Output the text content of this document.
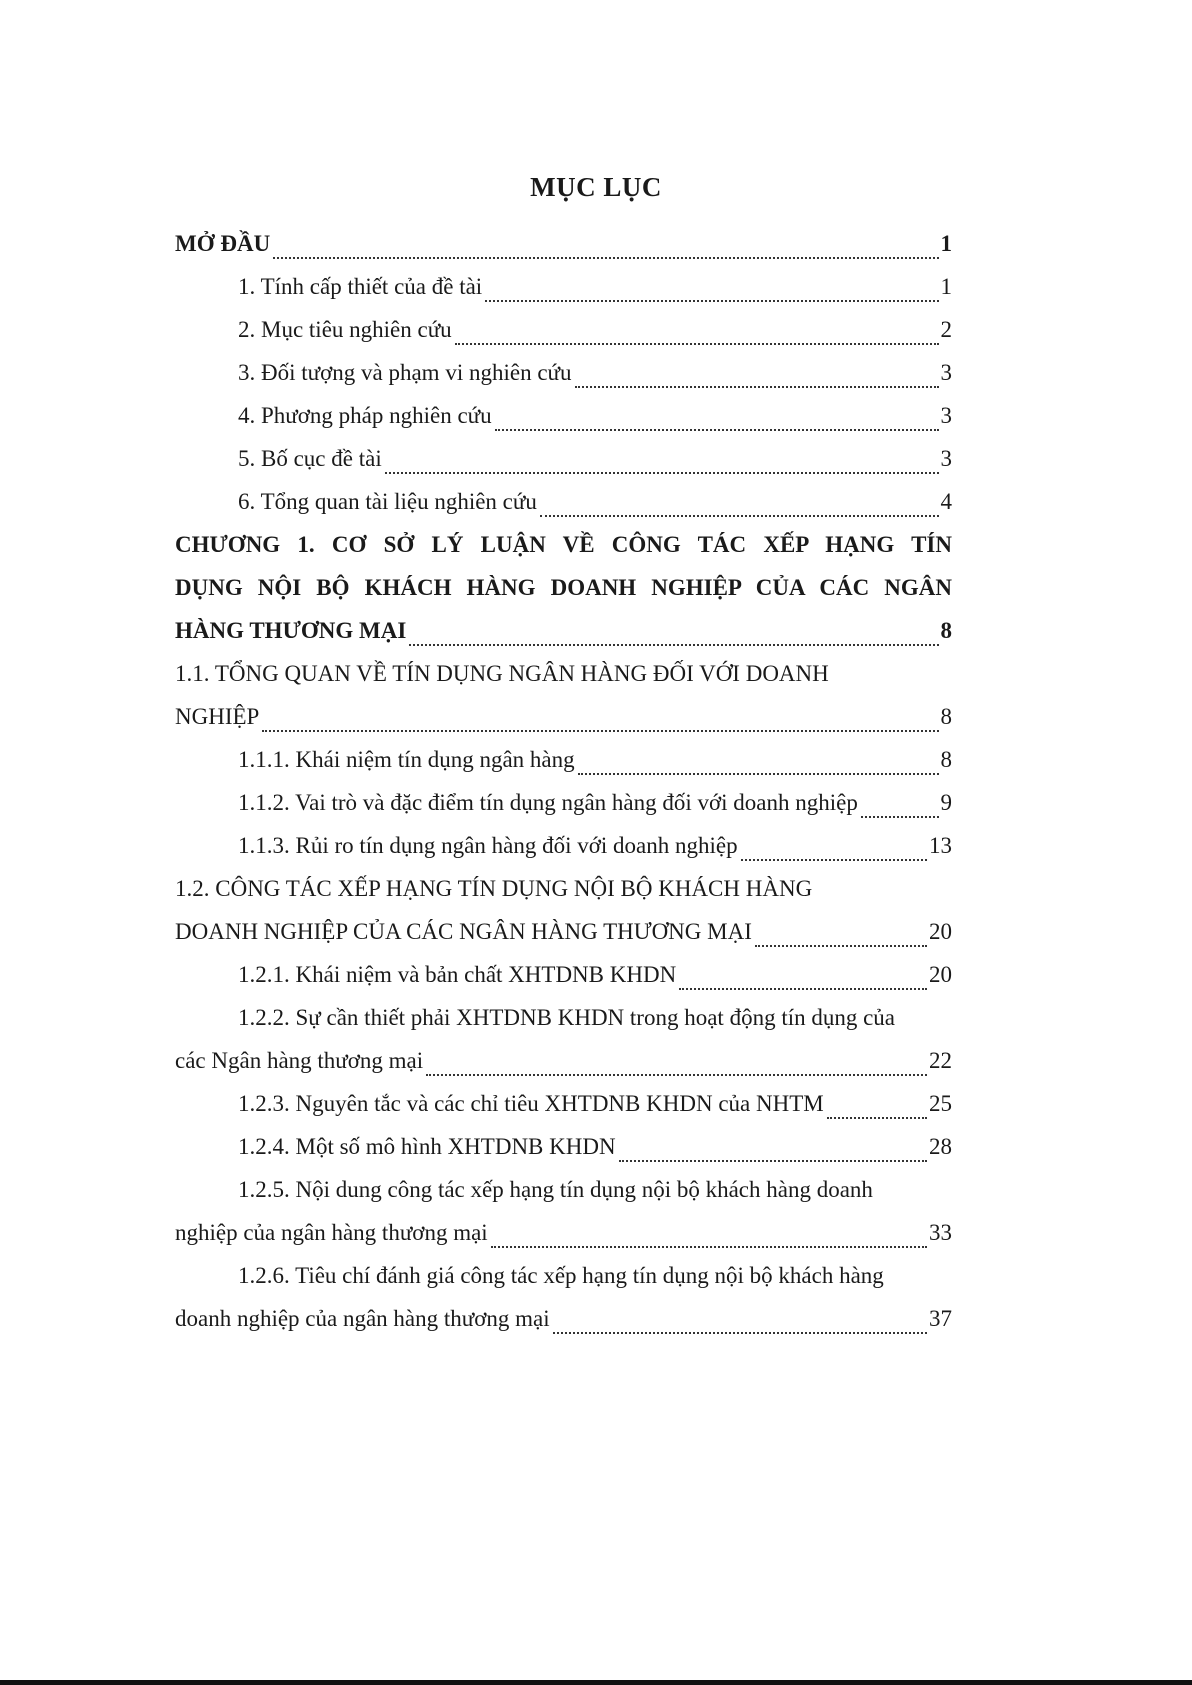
MỤC LỤC
MỞ ĐẦU	1
1. Tính cấp thiết của đề tài	1
2. Mục tiêu nghiên cứu	2
3. Đối tượng và phạm vi nghiên cứu	3
4. Phương pháp nghiên cứu	3
5. Bố cục đề tài	3
6. Tổng quan tài liệu nghiên cứu	4
CHƯƠNG 1. CƠ SỞ LÝ LUẬN VỀ CÔNG TÁC XẾP HẠNG TÍN
DỤNG NỘI BỘ KHÁCH HÀNG DOANH NGHIỆP CỦA CÁC NGÂN
HÀNG THƯƠNG MẠI	8
1.1. TỔNG QUAN VỀ TÍN DỤNG NGÂN HÀNG ĐỐI VỚI DOANH
NGHIỆP	8
1.1.1. Khái niệm tín dụng ngân hàng	8
1.1.2. Vai trò và đặc điểm tín dụng ngân hàng đối với doanh nghiệp	9
1.1.3. Rủi ro tín dụng ngân hàng đối với doanh nghiệp	13
1.2. CÔNG TÁC XẾP HẠNG TÍN DỤNG NỘI BỘ KHÁCH HÀNG
DOANH NGHIỆP CỦA CÁC NGÂN HÀNG THƯƠNG MẠI	20
1.2.1. Khái niệm và bản chất XHTDNB KHDN	20
1.2.2. Sự cần thiết phải XHTDNB KHDN trong hoạt động tín dụng của
các Ngân hàng thương mại	22
1.2.3. Nguyên tắc và các chỉ tiêu XHTDNB KHDN của NHTM	25
1.2.4. Một số mô hình XHTDNB KHDN	28
1.2.5. Nội dung công tác xếp hạng tín dụng nội bộ khách hàng doanh
nghiệp của ngân hàng thương mại	33
1.2.6. Tiêu chí đánh giá công tác xếp hạng tín dụng nội bộ khách hàng
doanh nghiệp của ngân hàng thương mại	37
